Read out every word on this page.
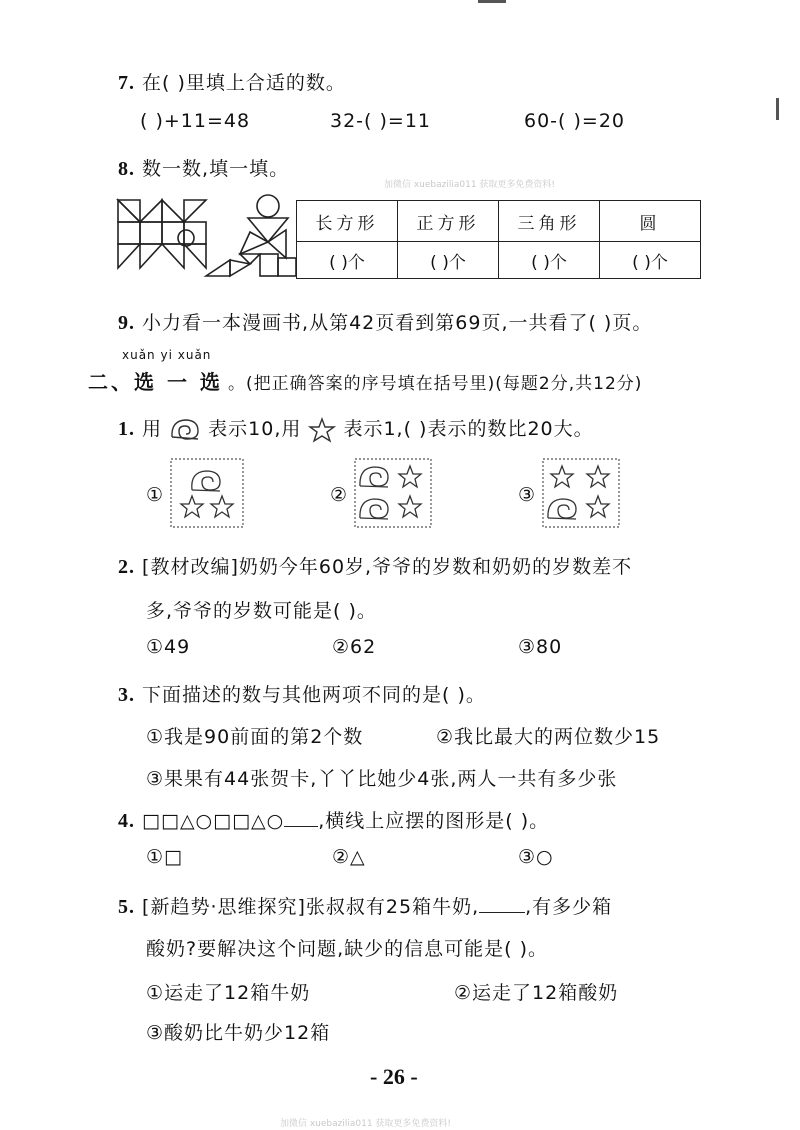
7. 在( )里填上合适的数。
( )+11=48	32-( )=11	60-( )=20
8. 数一数,填一填。
加微信 xuebazilia011 获取更多免费资料!
长方形	正方形	三角形	圆
( )个	( )个	( )个	( )个
9. 小力看一本漫画书,从第42页看到第69页,一共看了( )页。
xuǎn yi xuǎn
二、选 一 选 。(把正确答案的序号填在括号里)(每题2分,共12分)
1. 用 表示10,用 表示1,( )表示的数比20大。
①	②	③
2. [教材改编]奶奶今年60岁,爷爷的岁数和奶奶的岁数差不
多,爷爷的岁数可能是( )。
①49	②62	③80
3. 下面描述的数与其他两项不同的是( )。
①我是90前面的第2个数	②我比最大的两位数少15
③果果有44张贺卡,丫丫比她少4张,两人一共有多少张
4. □□△○□□△○ ,横线上应摆的图形是( )。
①□	②△	③○
5. [新趋势·思维探究]张叔叔有25箱牛奶, ,有多少箱
酸奶?要解决这个问题,缺少的信息可能是( )。
①运走了12箱牛奶	②运走了12箱酸奶
③酸奶比牛奶少12箱
- 26 -
加微信 xuebazilia011 获取更多免费资料!
